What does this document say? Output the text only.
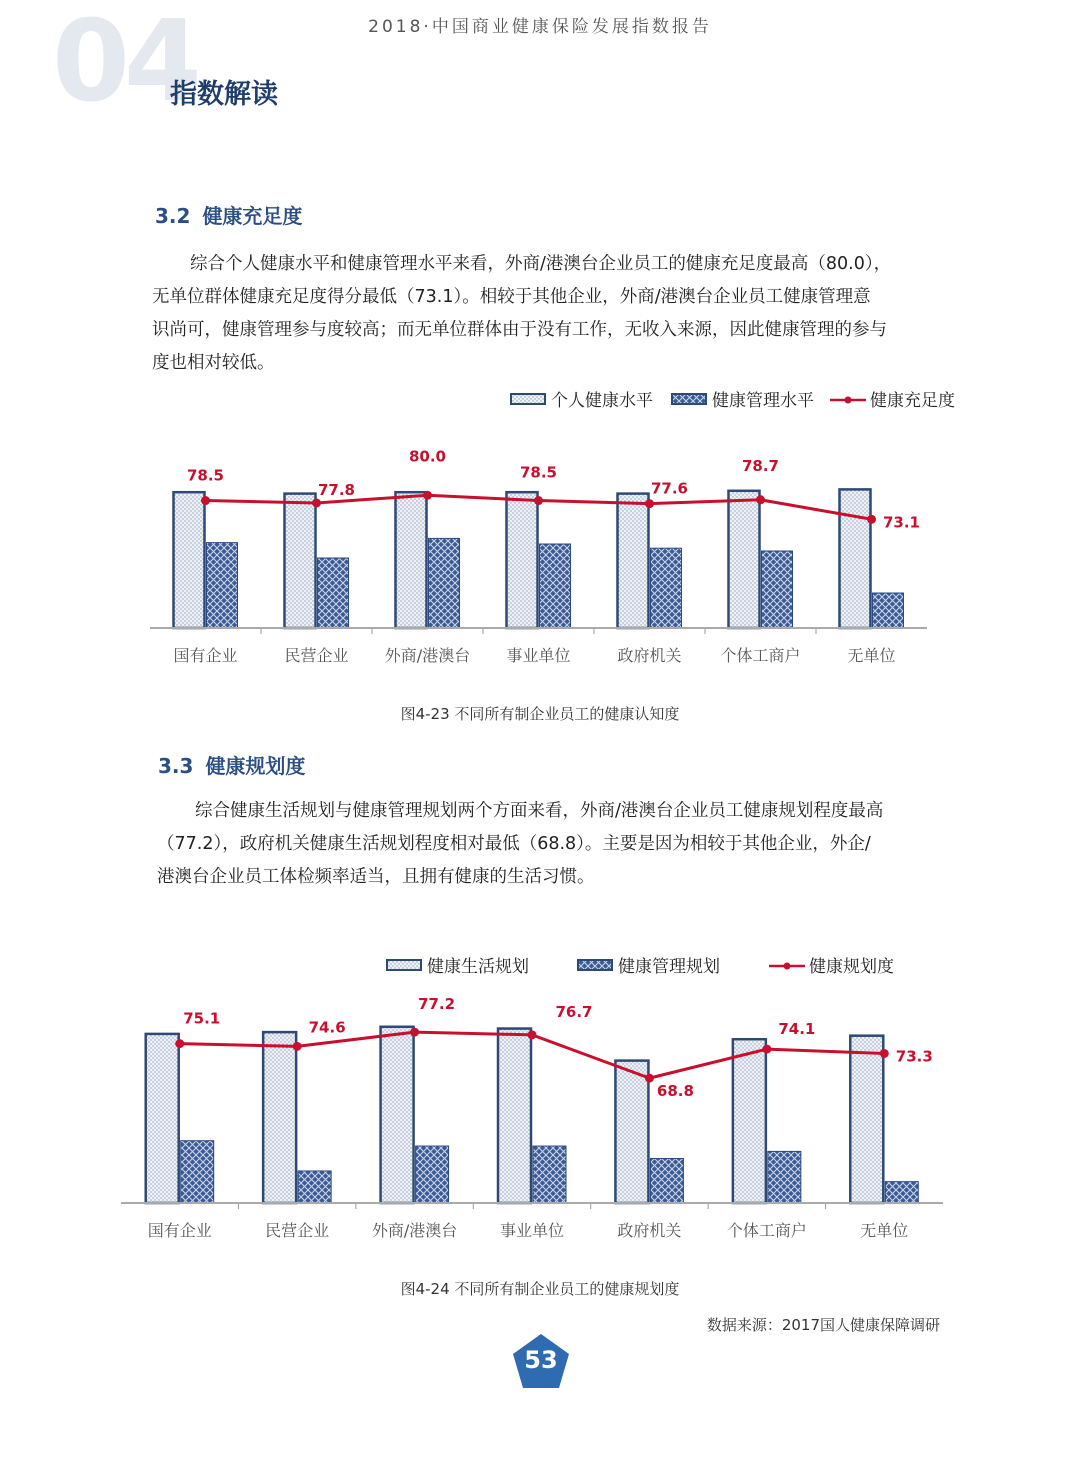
04	2018·中国商业健康保险发展指数报告
指数解读
3.2 健康充足度

综合个人健康水平和健康管理水平来看，外商/港澳台企业员工的健康充足度最高（80.0），

无单位群体健康充足度得分最低（73.1）。相较于其他企业，外商/港澳台企业员工健康管理意

识尚可，健康管理参与度较高；而无单位群体由于没有工作，无收入来源，因此健康管理的参与

度也相对较低。

个人健康水平	健康管理水平	健康充足度
国有企业	民营企业 外商/港澳台 事业单位	政府机关 个体工商户	无单位
78.5
77.8
80.0
78.5
77.6
78.7
73.1
图4-23 不同所有制企业员工的健康认知度
3.3 健康规划度

综合健康生活规划与健康管理规划两个方面来看，外商/港澳台企业员工健康规划程度最高

（77.2），政府机关健康生活规划程度相对最低（68.8）。主要是因为相较于其他企业，外企/

港澳台企业员工体检频率适当，且拥有健康的生活习惯。

健康生活规划	健康管理规划	健康规划度
国有企业	民营企业	外商/港澳台	事业单位	政府机关	个体工商户	无单位
75.1	74.6
77.2	76.7
68.8
74.1
73.3
图4-24 不同所有制企业员工的健康规划度
数据来源：2017国人健康保障调研
53
